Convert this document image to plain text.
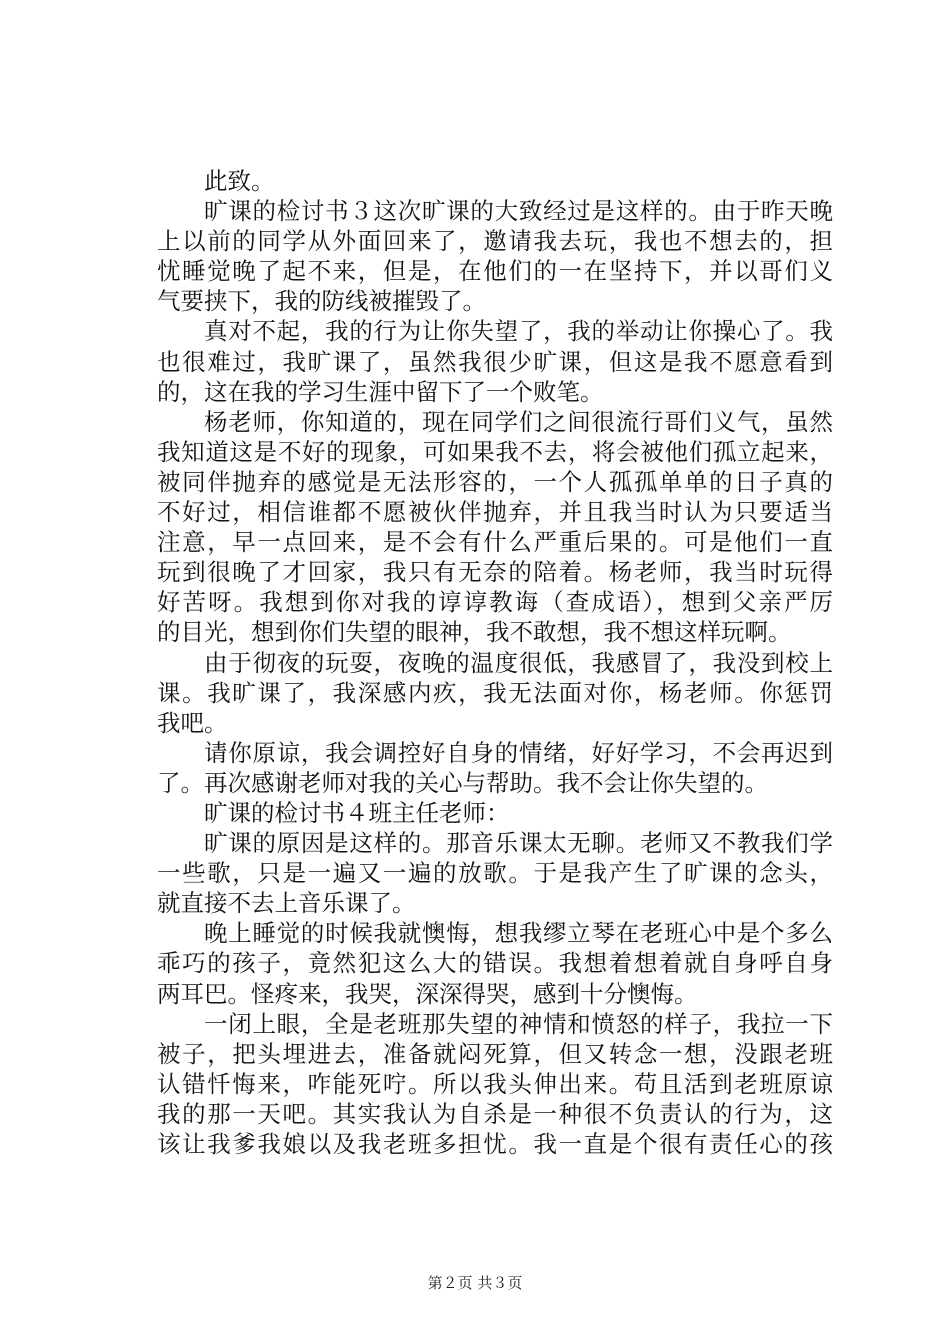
此致。
旷课的检讨书３这次旷课的大致经过是这样的。由于昨天晚
上以前的同学从外面回来了，邀请我去玩，我也不想去的，担
忧睡觉晚了起不来，但是，在他们的一在坚持下，并以哥们义
气要挟下，我的防线被摧毁了。
真对不起，我的行为让你失望了，我的举动让你操心了。我
也很难过，我旷课了，虽然我很少旷课，但这是我不愿意看到
的，这在我的学习生涯中留下了一个败笔。
杨老师，你知道的，现在同学们之间很流行哥们义气，虽然
我知道这是不好的现象，可如果我不去，将会被他们孤立起来，
被同伴抛弃的感觉是无法形容的，一个人孤孤单单的日子真的
不好过，相信谁都不愿被伙伴抛弃，并且我当时认为只要适当
注意，早一点回来，是不会有什么严重后果的。可是他们一直
玩到很晚了才回家，我只有无奈的陪着。杨老师，我当时玩得
好苦呀。我想到你对我的谆谆教诲（查成语），想到父亲严厉
的目光，想到你们失望的眼神，我不敢想，我不想这样玩啊。
由于彻夜的玩耍，夜晚的温度很低，我感冒了，我没到校上
课。我旷课了，我深感内疚，我无法面对你，杨老师。你惩罚
我吧。
请你原谅，我会调控好自身的情绪，好好学习，不会再迟到
了。再次感谢老师对我的关心与帮助。我不会让你失望的。
旷课的检讨书４班主任老师：
旷课的原因是这样的。那音乐课太无聊。老师又不教我们学
一些歌，只是一遍又一遍的放歌。于是我产生了旷课的念头，
就直接不去上音乐课了。
晚上睡觉的时候我就懊悔，想我缪立琴在老班心中是个多么
乖巧的孩子，竟然犯这么大的错误。我想着想着就自身呼自身
两耳巴。怪疼来，我哭，深深得哭，感到十分懊悔。
一闭上眼，全是老班那失望的神情和愤怒的样子，我拉一下
被子，把头埋进去，准备就闷死算，但又转念一想，没跟老班
认错忏悔来，咋能死咛。所以我头伸出来。苟且活到老班原谅
我的那一天吧。其实我认为自杀是一种很不负责认的行为，这
该让我爹我娘以及我老班多担忧。我一直是个很有责任心的孩
第２页 共３页
